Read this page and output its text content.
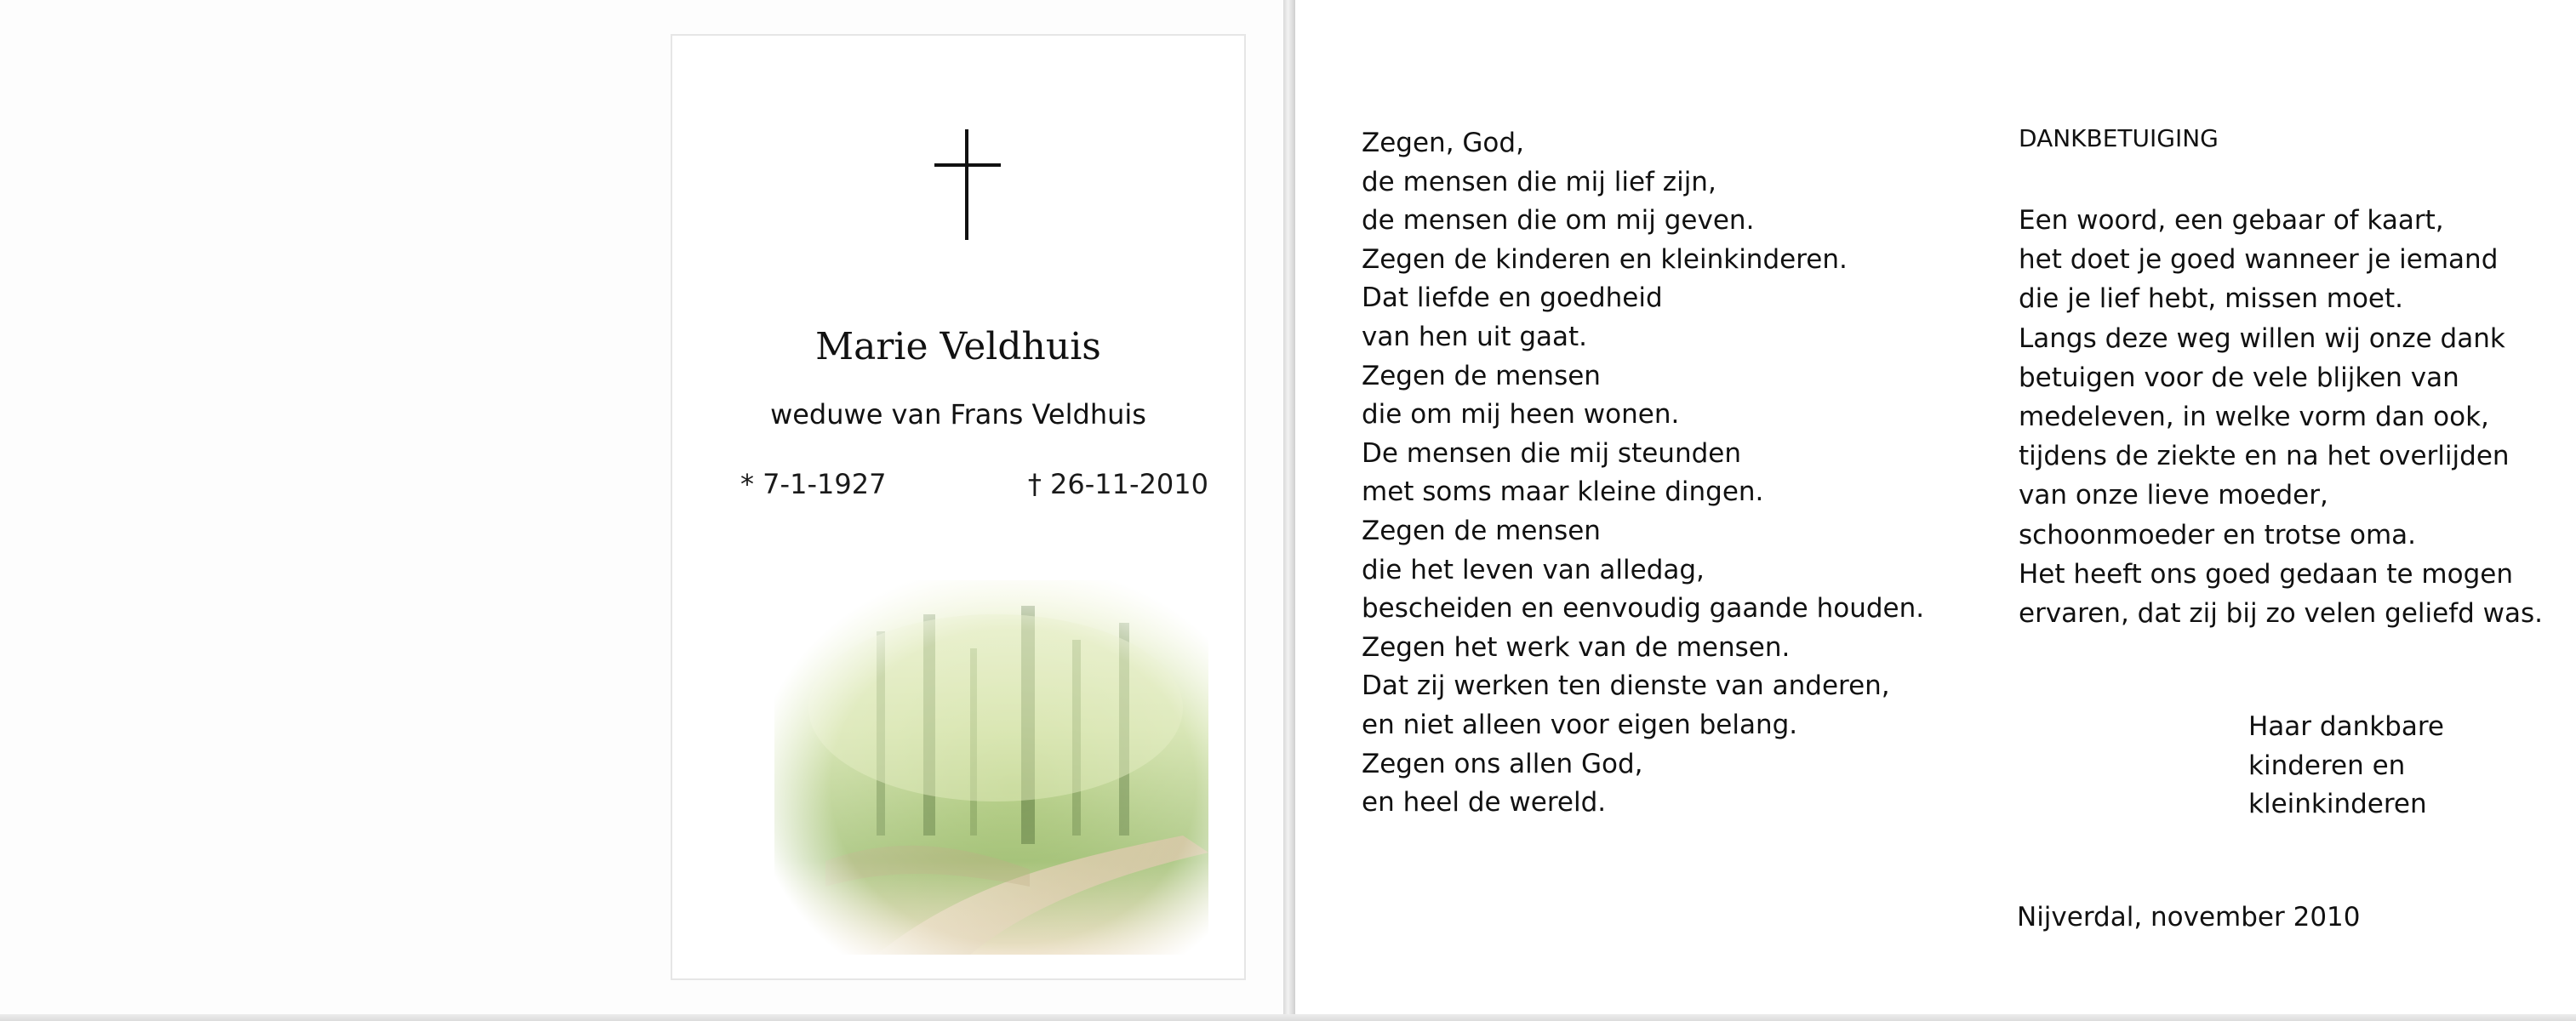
Marie Veldhuis
weduwe van Frans Veldhuis
* 7-1-1927	† 26-11-2010
Zegen, God,
de mensen die mij lief zijn,
de mensen die om mij geven.
Zegen de kinderen en kleinkinderen.
Dat liefde en goedheid
van hen uit gaat.
Zegen de mensen
die om mij heen wonen.
De mensen die mij steunden
met soms maar kleine dingen.
Zegen de mensen
die het leven van alledag,
bescheiden en eenvoudig gaande houden.
Zegen het werk van de mensen.
Dat zij werken ten dienste van anderen,
en niet alleen voor eigen belang.
Zegen ons allen God,
en heel de wereld.
DANKBETUIGING
Een woord, een gebaar of kaart,
het doet je goed wanneer je iemand
die je lief hebt, missen moet.
Langs deze weg willen wij onze dank
betuigen voor de vele blijken van
medeleven, in welke vorm dan ook,
tijdens de ziekte en na het overlijden
van onze lieve moeder,
schoonmoeder en trotse oma.
Het heeft ons goed gedaan te mogen
ervaren, dat zij bij zo velen geliefd was.
Haar dankbare
kinderen en
kleinkinderen
Nijverdal, november 2010
